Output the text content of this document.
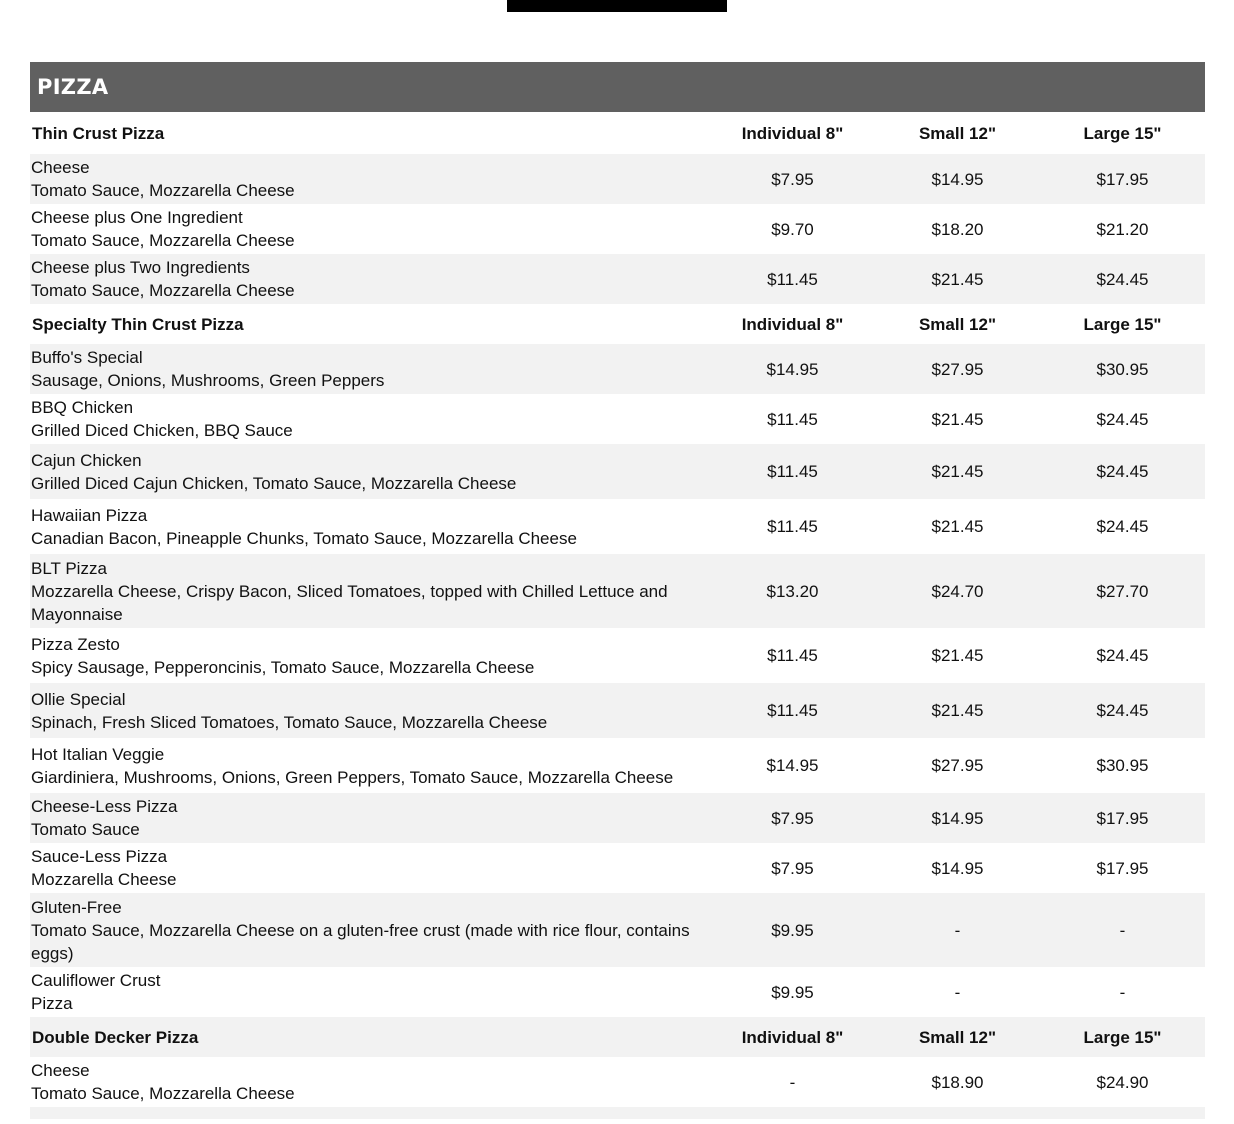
PIZZA
Thin Crust Pizza	Individual 8"	Small 12"	Large 15"

Cheese
Tomato Sauce, Mozzarella Cheese	$7.95	$14.95	$17.95

Cheese plus One Ingredient
Tomato Sauce, Mozzarella Cheese	$9.70	$18.20	$21.20

Cheese plus Two Ingredients
Tomato Sauce, Mozzarella Cheese	$11.45	$21.45	$24.45
Specialty Thin Crust Pizza	Individual 8"	Small 12"	Large 15"

Buffo's Special
Sausage, Onions, Mushrooms, Green Peppers	$14.95	$27.95	$30.95

BBQ Chicken
Grilled Diced Chicken, BBQ Sauce	$11.45	$21.45	$24.45

Cajun Chicken
Grilled Diced Cajun Chicken, Tomato Sauce, Mozzarella Cheese	$11.45	$21.45	$24.45

Hawaiian Pizza
Canadian Bacon, Pineapple Chunks, Tomato Sauce, Mozzarella Cheese	$11.45	$21.45	$24.45

BLT Pizza
Mozzarella Cheese, Crispy Bacon, Sliced Tomatoes, topped with Chilled Lettuce and Mayonnaise	$13.20	$24.70	$27.70

Pizza Zesto
Spicy Sausage, Pepperoncinis, Tomato Sauce, Mozzarella Cheese	$11.45	$21.45	$24.45

Ollie Special
Spinach, Fresh Sliced Tomatoes, Tomato Sauce, Mozzarella Cheese	$11.45	$21.45	$24.45

Hot Italian Veggie
Giardiniera, Mushrooms, Onions, Green Peppers, Tomato Sauce, Mozzarella Cheese	$14.95	$27.95	$30.95

Cheese-Less Pizza
Tomato Sauce	$7.95	$14.95	$17.95

Sauce-Less Pizza
Mozzarella Cheese	$7.95	$14.95	$17.95

Gluten-Free
Tomato Sauce, Mozzarella Cheese on a gluten-free crust (made with rice flour, contains eggs)	$9.95	-	-

Cauliflower Crust
Pizza	$9.95	-	-
Double Decker Pizza	Individual 8"	Small 12"	Large 15"

Cheese
Tomato Sauce, Mozzarella Cheese	-	$18.90	$24.90
